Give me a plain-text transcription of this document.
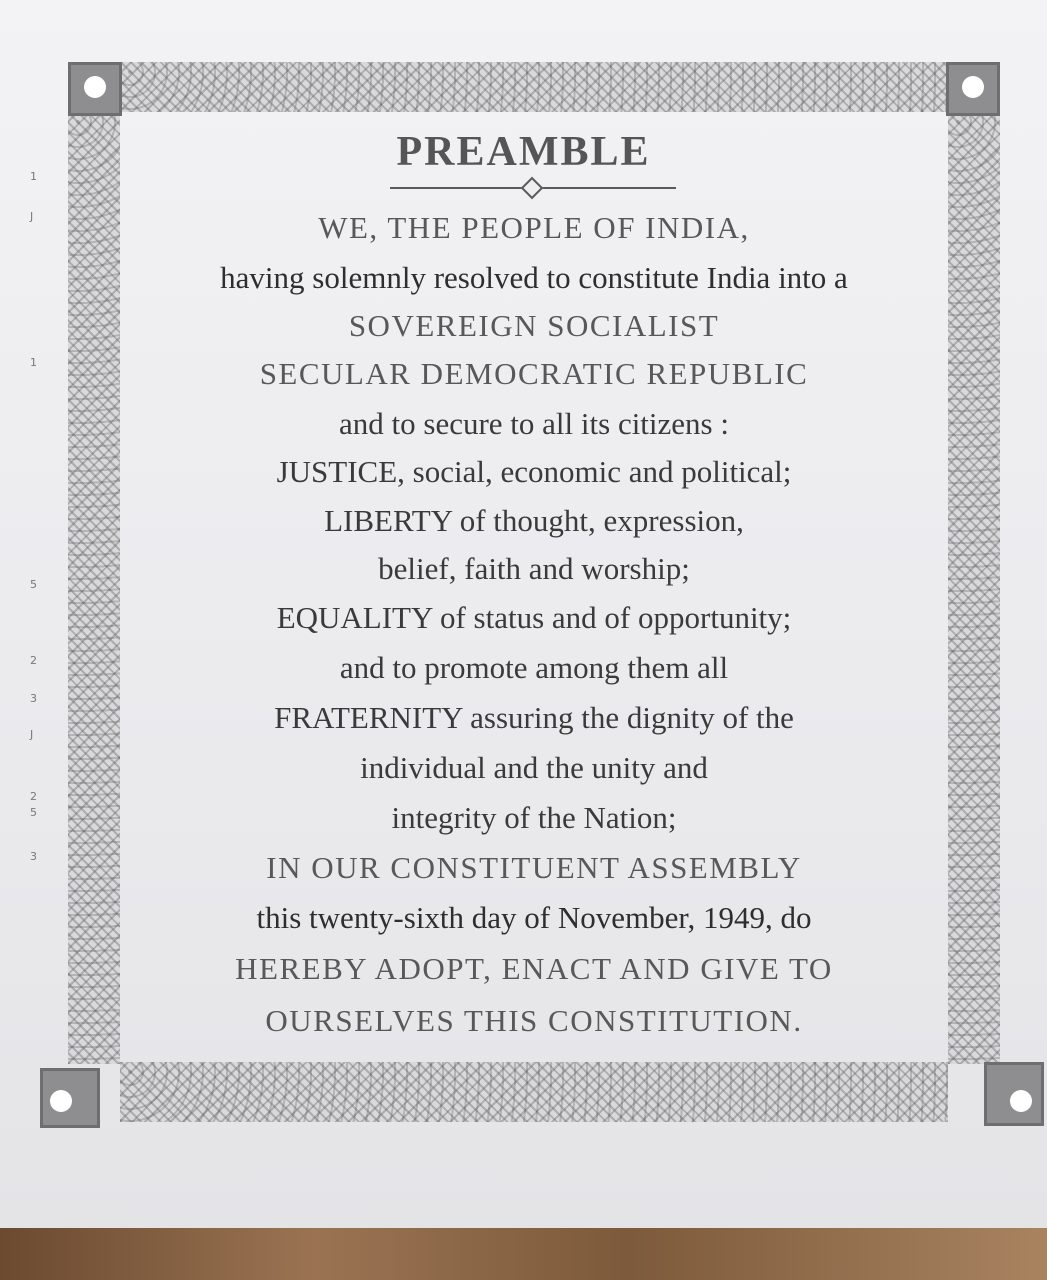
1
J
1
5
2
3
J
2
5
3
PREAMBLE
WE, THE PEOPLE OF INDIA,
having solemnly resolved to constitute India into a
SOVEREIGN SOCIALIST
SECULAR DEMOCRATIC REPUBLIC
and to secure to all its citizens :
JUSTICE, social, economic and political;
LIBERTY of thought, expression,
belief, faith and worship;
EQUALITY of status and of opportunity;
and to promote among them all
FRATERNITY assuring the dignity of the
individual and the unity and
integrity of the Nation;
IN OUR CONSTITUENT ASSEMBLY
this twenty-sixth day of November, 1949, do
HEREBY ADOPT, ENACT AND GIVE TO
OURSELVES THIS CONSTITUTION.
